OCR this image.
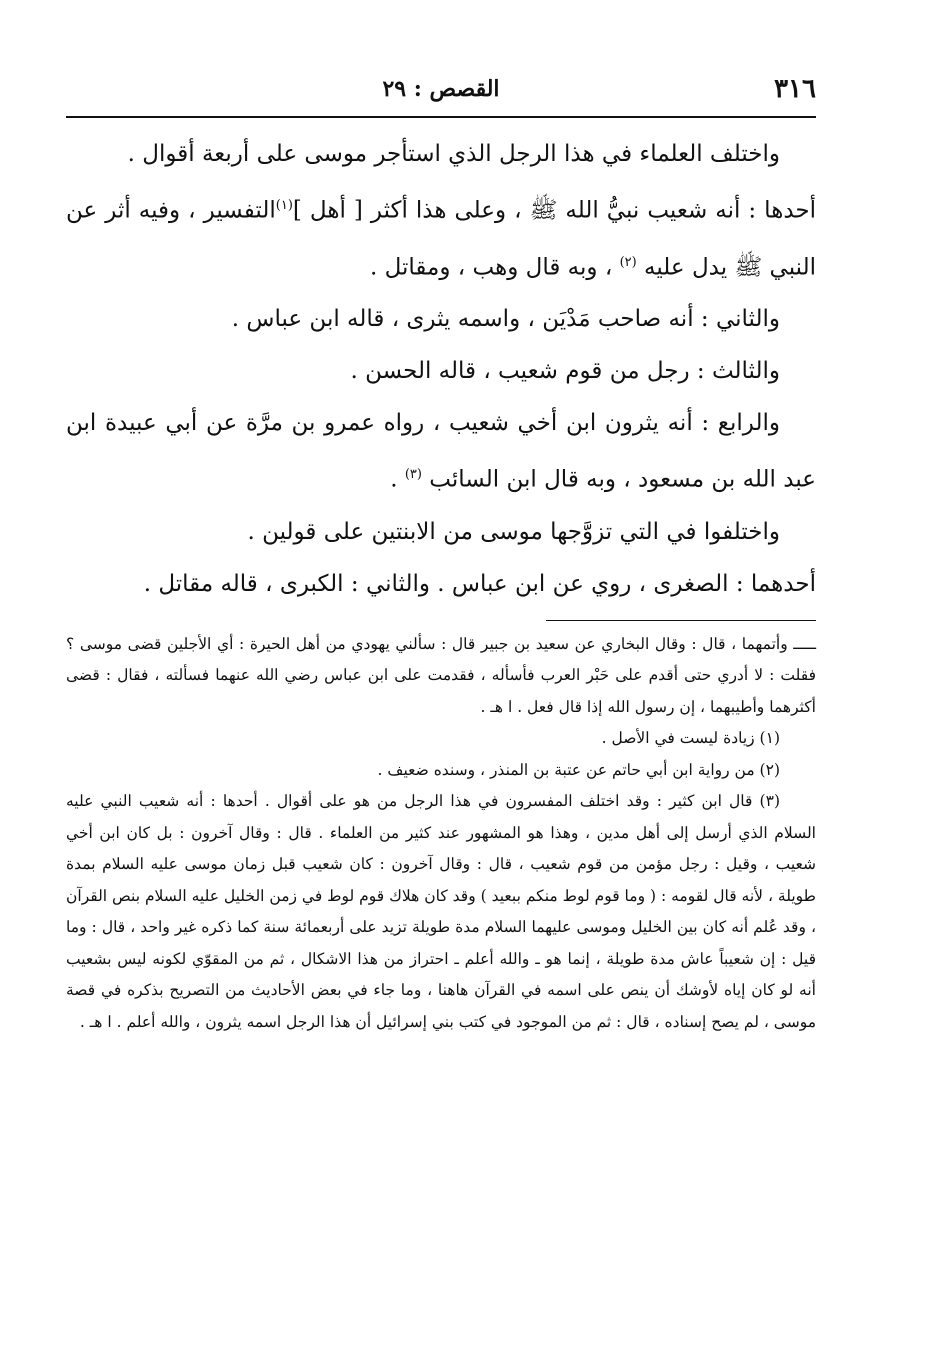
٣١٦
القصص : ٢٩

واختلف العلماء في هذا الرجل الذي استأجر موسى على أربعة أقوال .

أحدها : أنه شعيب نبيُّ الله ﷺ ، وعلى هذا أكثر [ أهل ]$^{(١)}$التفسير ، وفيه أثر عن النبي ﷺ يدل عليه $^{(٢)}$ ، وبه قال وهب ، ومقاتل .

والثاني : أنه صاحب مَدْيَن ، واسمه يثرى ، قاله ابن عباس .

والثالث : رجل من قوم شعيب ، قاله الحسن .

والرابع : أنه يثرون ابن أخي شعيب ، رواه عمرو بن مرَّة عن أبي عبيدة ابن عبد الله بن مسعود ، وبه قال ابن السائب $^{(٣)}$ .

واختلفوا في التي تزوَّجها موسى من الابنتين على قولين .

أحدهما : الصغرى ، روي عن ابن عباس . والثاني : الكبرى ، قاله مقاتل .

ـــــ وأتمهما ، قال : وقال البخاري عن سعيد بن جبير قال : سألني يهودي من أهل الحيرة : أي الأجلين قضى موسى ؟ فقلت : لا أدري حتى أقدم على حَبْر العرب فأسأله ، فقدمت على ابن عباس رضي الله عنهما فسألته ، فقال : قضى أكثرهما وأطيبهما ، إن رسول الله إذا قال فعل . ا هـ .

(١) زيادة ليست في الأصل .

(٢) من رواية ابن أبي حاتم عن عتبة بن المنذر ، وسنده ضعيف .

(٣) قال ابن كثير : وقد اختلف المفسرون في هذا الرجل من هو على أقوال . أحدها : أنه شعيب النبي عليه السلام الذي أرسل إلى أهل مدين ، وهذا هو المشهور عند كثير من العلماء . قال : وقال آخرون : بل كان ابن أخي شعيب ، وقيل : رجل مؤمن من قوم شعيب ، قال : وقال آخرون : كان شعيب قبل زمان موسى عليه السلام بمدة طويلة ، لأنه قال لقومه : ( وما قوم لوط منكم ببعيد ) وقد كان هلاك قوم لوط في زمن الخليل عليه السلام بنص القرآن ، وقد عُلم أنه كان بين الخليل وموسى عليهما السلام مدة طويلة تزيد على أربعمائة سنة كما ذكره غير واحد ، قال : وما قيل : إن شعيباً عاش مدة طويلة ، إنما هو ـ والله أعلم ـ احتراز من هذا الاشكال ، ثم من المقوّي لكونه ليس بشعيب أنه لو كان إياه لأوشك أن ينص على اسمه في القرآن هاهنا ، وما جاء في بعض الأحاديث من التصريح بذكره في قصة موسى ، لم يصح إسناده ، قال : ثم من الموجود في كتب بني إسرائيل أن هذا الرجل اسمه يثرون ، والله أعلم . ا هـ .
